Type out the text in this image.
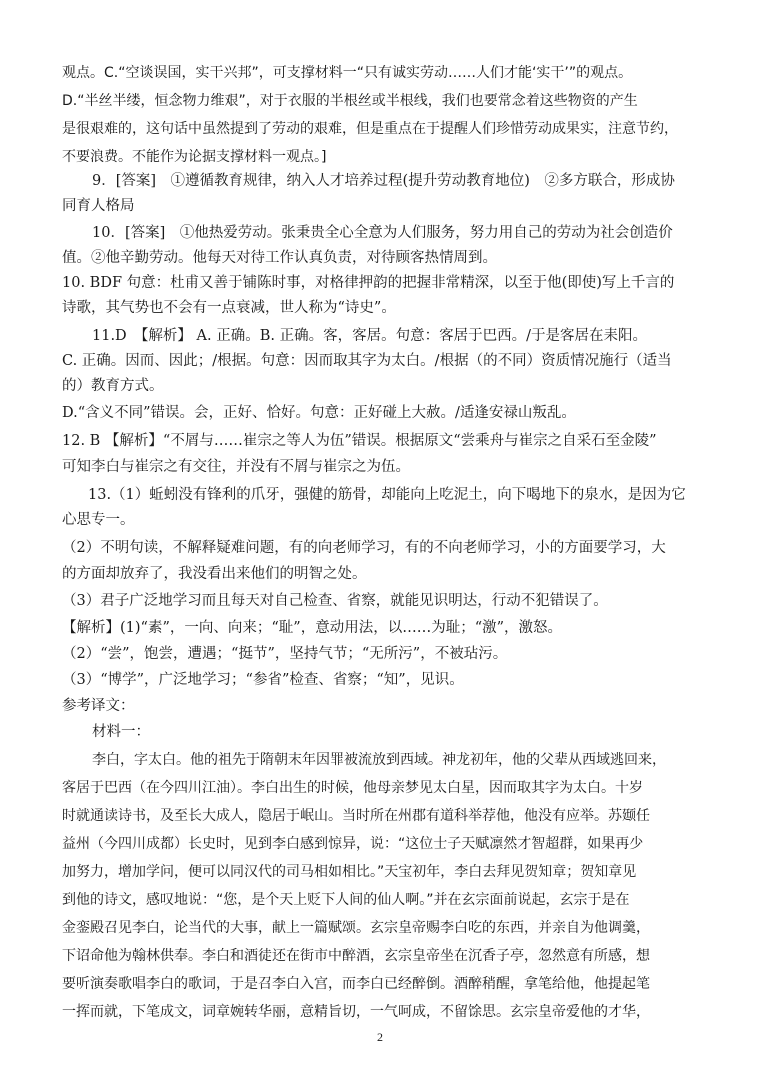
观点。C.“空谈误国，实干兴邦”，可支撑材料一“只有诚实劳动……人们才能‘实干’”的观点。
D.“半丝半缕，恒念物力维艰”，对于衣服的半根丝或半根线，我们也要常念着这些物资的产生
是很艰难的，这句话中虽然提到了劳动的艰难，但是重点在于提醒人们珍惜劳动成果实，注意节约，
不要浪费。不能作为论据支撑材料一观点。]
9．[答案]　①遵循教育规律，纳入人才培养过程(提升劳动教育地位)　②多方联合，形成协
同育人格局
10．[答案]　①他热爱劳动。张秉贵全心全意为人们服务，努力用自己的劳动为社会创造价
值。②他辛勤劳动。他每天对待工作认真负责，对待顾客热情周到。
10. BDF 句意：杜甫又善于铺陈时事，对格律押韵的把握非常精深，以至于他(即使)写上千言的
诗歌，其气势也不会有一点衰减，世人称为“诗史”。
11.D　【解析】 A. 正确。B. 正确。客，客居。句意：客居于巴西。/于是客居在耒阳。
C. 正确。因而、因此；/根据。句意：因而取其字为太白。/根据（的不同）资质情况施行（适当
的）教育方式。
D.“含义不同”错误。会，正好、恰好。句意：正好碰上大赦。/适逢安禄山叛乱。
12. B 【解析】“不屑与……崔宗之等人为伍”错误。根据原文“尝乘舟与崔宗之自采石至金陵”
可知李白与崔宗之有交往，并没有不屑与崔宗之为伍。
13.（1）蚯蚓没有锋利的爪牙，强健的筋骨，却能向上吃泥土，向下喝地下的泉水，是因为它
心思专一。
（2）不明句读，不解释疑难问题，有的向老师学习，有的不向老师学习，小的方面要学习，大
的方面却放弃了，我没看出来他们的明智之处。
（3）君子广泛地学习而且每天对自己检查、省察，就能见识明达，行动不犯错误了。
【解析】(1)“素”，一向、向来；“耻”，意动用法，以……为耻；“激”，激怒。
（2）“尝”，饱尝，遭遇；“挺节”，坚持气节；“无所污”，不被玷污。
（3）“博学”，广泛地学习；“参省”检查、省察；“知”，见识。
参考译文：
材料一：
李白，字太白。他的祖先于隋朝末年因罪被流放到西域。神龙初年，他的父辈从西域逃回来，
客居于巴西（在今四川江油）。李白出生的时候，他母亲梦见太白星，因而取其字为太白。十岁
时就通读诗书，及至长大成人，隐居于岷山。当时所在州郡有道科举荐他，他没有应举。苏颋任
益州（今四川成都）长史时，见到李白感到惊异，说：“这位士子天赋凛然才智超群，如果再少
加努力，增加学问，便可以同汉代的司马相如相比。”天宝初年，李白去拜见贺知章；贺知章见
到他的诗文，感叹地说：“您，是个天上贬下人间的仙人啊。”并在玄宗面前说起，玄宗于是在
金銮殿召见李白，论当代的大事，献上一篇赋颂。玄宗皇帝赐李白吃的东西，并亲自为他调羹，
下诏命他为翰林供奉。李白和酒徒还在街市中醉酒，玄宗皇帝坐在沉香子亭，忽然意有所感，想
要听演奏歌唱李白的歌词，于是召李白入宫，而李白已经醉倒。酒醉稍醒，拿笔给他，他提起笔
一挥而就，下笔成文，词章婉转华丽，意精旨切，一气呵成，不留馀思。玄宗皇帝爱他的才华，
2
